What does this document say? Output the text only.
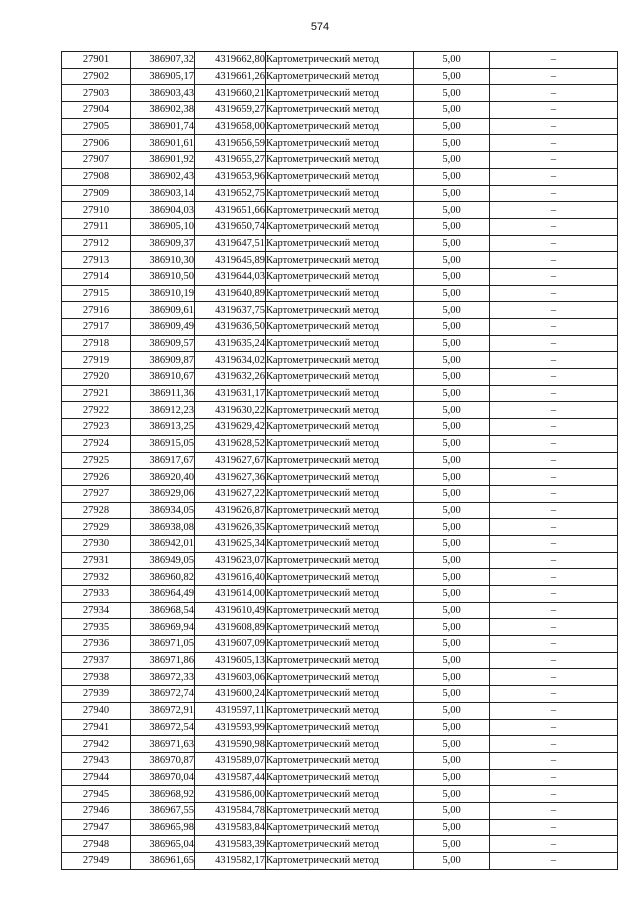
574
27901	386907,32	4319662,80	Картометрический метод	5,00	–
27902	386905,17	4319661,26	Картометрический метод	5,00	–
27903	386903,43	4319660,21	Картометрический метод	5,00	–
27904	386902,38	4319659,27	Картометрический метод	5,00	–
27905	386901,74	4319658,00	Картометрический метод	5,00	–
27906	386901,61	4319656,59	Картометрический метод	5,00	–
27907	386901,92	4319655,27	Картометрический метод	5,00	–
27908	386902,43	4319653,96	Картометрический метод	5,00	–
27909	386903,14	4319652,75	Картометрический метод	5,00	–
27910	386904,03	4319651,66	Картометрический метод	5,00	–
27911	386905,10	4319650,74	Картометрический метод	5,00	–
27912	386909,37	4319647,51	Картометрический метод	5,00	–
27913	386910,30	4319645,89	Картометрический метод	5,00	–
27914	386910,50	4319644,03	Картометрический метод	5,00	–
27915	386910,19	4319640,89	Картометрический метод	5,00	–
27916	386909,61	4319637,75	Картометрический метод	5,00	–
27917	386909,49	4319636,50	Картометрический метод	5,00	–
27918	386909,57	4319635,24	Картометрический метод	5,00	–
27919	386909,87	4319634,02	Картометрический метод	5,00	–
27920	386910,67	4319632,26	Картометрический метод	5,00	–
27921	386911,36	4319631,17	Картометрический метод	5,00	–
27922	386912,23	4319630,22	Картометрический метод	5,00	–
27923	386913,25	4319629,42	Картометрический метод	5,00	–
27924	386915,05	4319628,52	Картометрический метод	5,00	–
27925	386917,67	4319627,67	Картометрический метод	5,00	–
27926	386920,40	4319627,36	Картометрический метод	5,00	–
27927	386929,06	4319627,22	Картометрический метод	5,00	–
27928	386934,05	4319626,87	Картометрический метод	5,00	–
27929	386938,08	4319626,35	Картометрический метод	5,00	–
27930	386942,01	4319625,34	Картометрический метод	5,00	–
27931	386949,05	4319623,07	Картометрический метод	5,00	–
27932	386960,82	4319616,40	Картометрический метод	5,00	–
27933	386964,49	4319614,00	Картометрический метод	5,00	–
27934	386968,54	4319610,49	Картометрический метод	5,00	–
27935	386969,94	4319608,89	Картометрический метод	5,00	–
27936	386971,05	4319607,09	Картометрический метод	5,00	–
27937	386971,86	4319605,13	Картометрический метод	5,00	–
27938	386972,33	4319603,06	Картометрический метод	5,00	–
27939	386972,74	4319600,24	Картометрический метод	5,00	–
27940	386972,91	4319597,11	Картометрический метод	5,00	–
27941	386972,54	4319593,99	Картометрический метод	5,00	–
27942	386971,63	4319590,98	Картометрический метод	5,00	–
27943	386970,87	4319589,07	Картометрический метод	5,00	–
27944	386970,04	4319587,44	Картометрический метод	5,00	–
27945	386968,92	4319586,00	Картометрический метод	5,00	–
27946	386967,55	4319584,78	Картометрический метод	5,00	–
27947	386965,98	4319583,84	Картометрический метод	5,00	–
27948	386965,04	4319583,39	Картометрический метод	5,00	–
27949	386961,65	4319582,17	Картометрический метод	5,00	–
